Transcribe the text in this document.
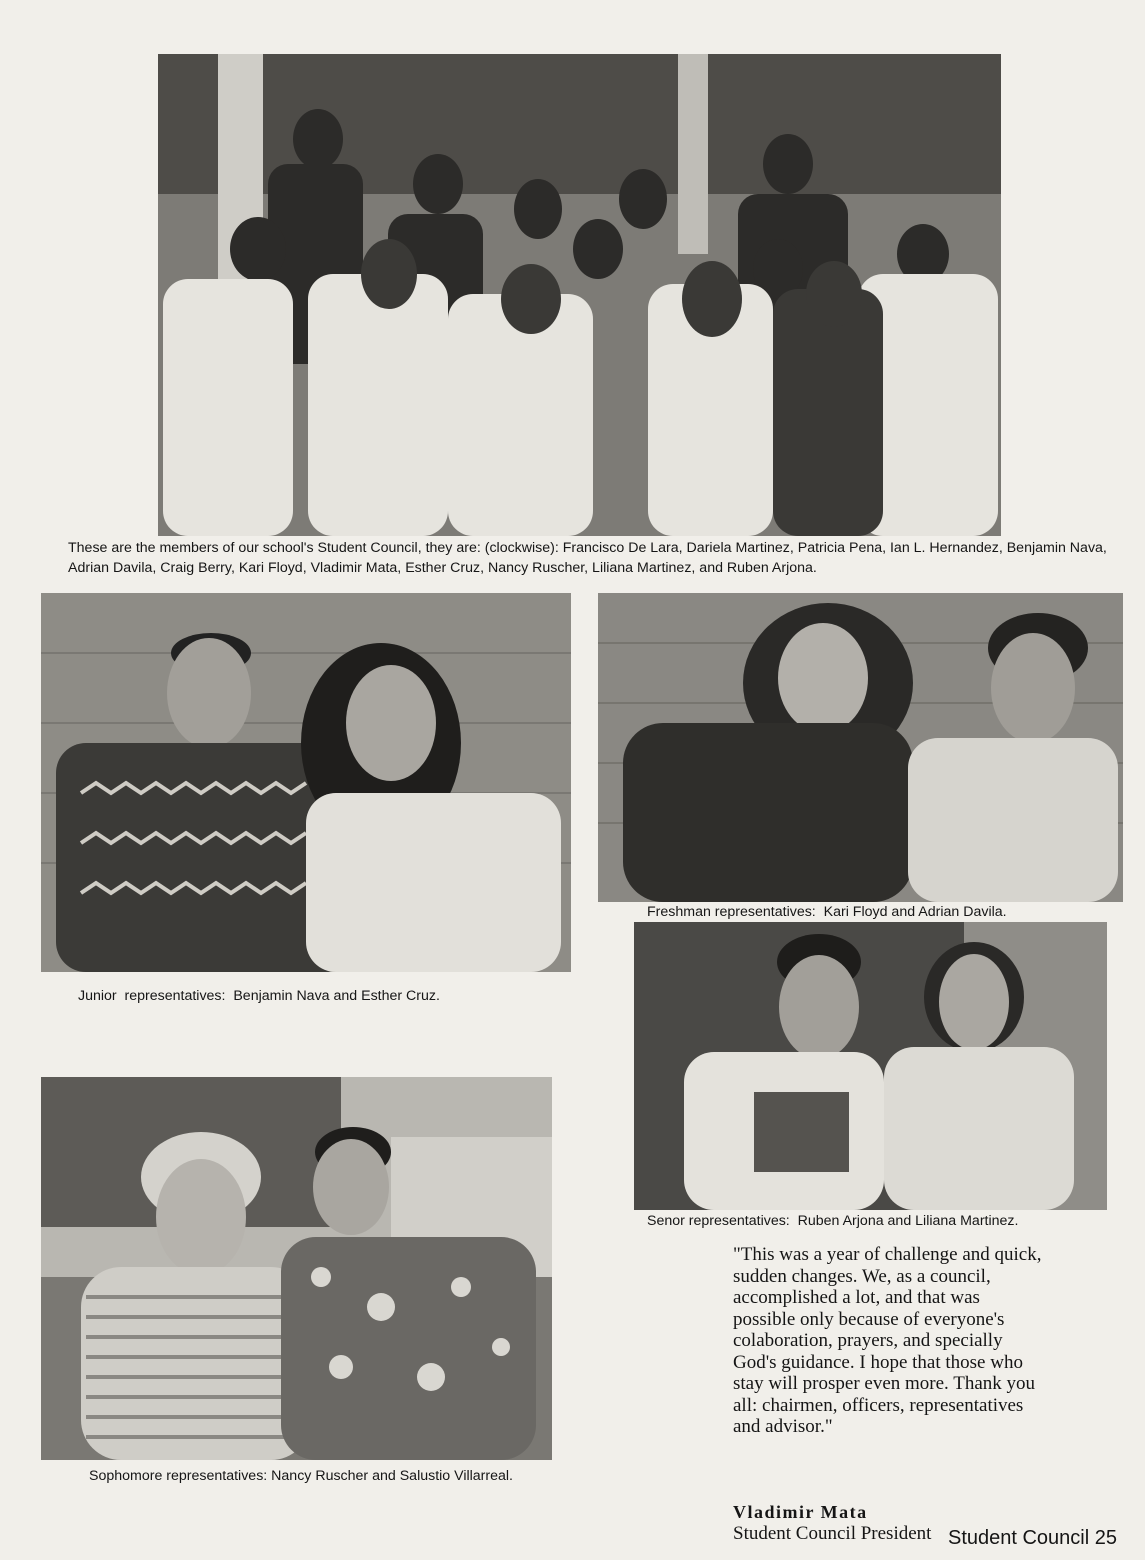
These are the members of our school's Student Council, they are: (clockwise): Francisco De Lara, Dariela Martinez, Patricia Pena, Ian L. Hernandez, Benjamin Nava, Adrian Davila, Craig Berry, Kari Floyd, Vladimir Mata, Esther Cruz, Nancy Ruscher, Liliana Martinez, and Ruben Arjona.
Junior  representatives:  Benjamin Nava and Esther Cruz.
Freshman representatives:  Kari Floyd and Adrian Davila.
Senor representatives:  Ruben Arjona and Liliana Martinez.
Sophomore representatives: Nancy Ruscher and Salustio Villarreal.
"This was a year of challenge and quick, sudden changes. We, as a council, accomplished a lot, and that was possible only because of everyone's colaboration, prayers, and specially God's guidance. I hope that those who stay will prosper even more. Thank you all: chairmen, officers, representatives and advisor."
Vladimir Mata
Student Council President Student Council 25
